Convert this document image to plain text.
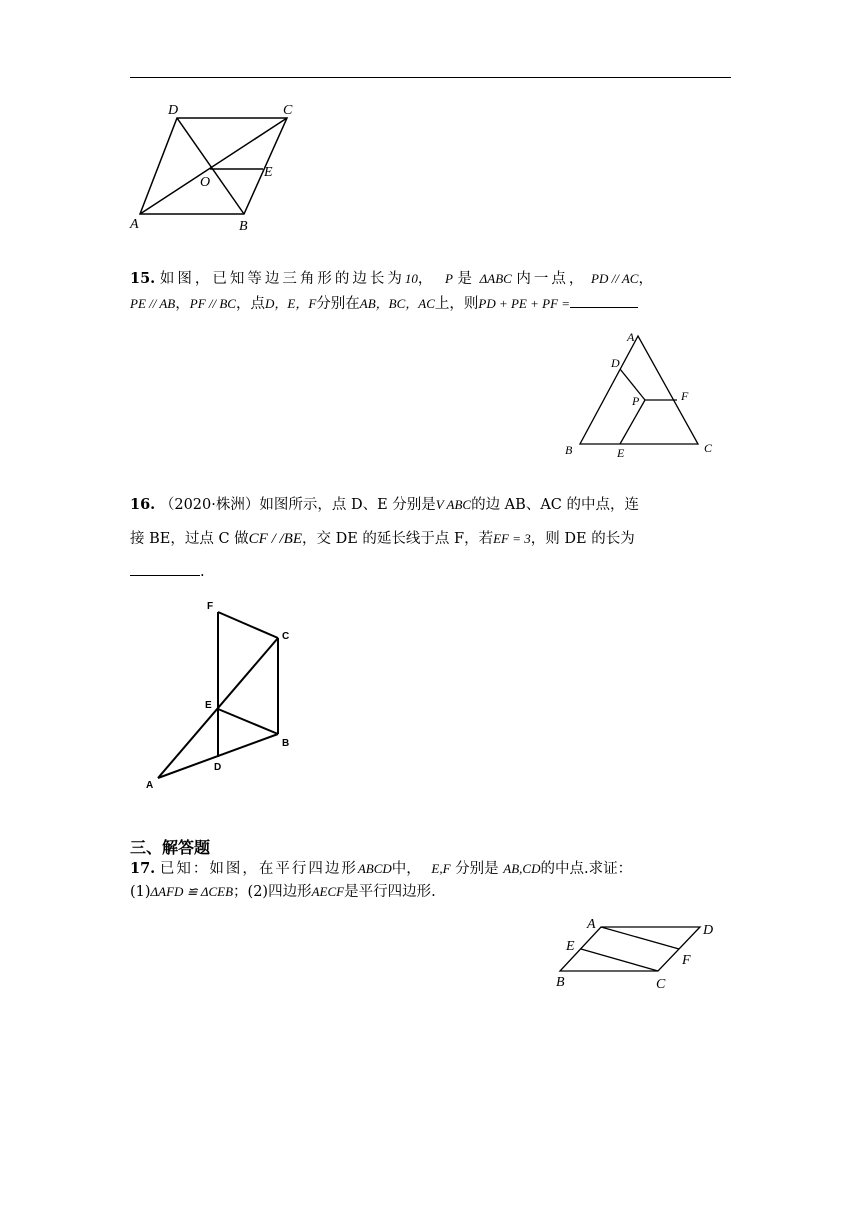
D	C
O
E
A	B
15. 如图，已知等边三角形的边长为10， P 是 ΔABC 内一点， PD // AC，
PE // AB，PF // BC，点D，E，F分别在AB，BC，AC上，则PD + PE + PF =
A
D
P	F
B	E	C
16. （2020·株洲）如图所示，点 D、E 分别是V ABC的边 AB、AC 的中点，连
接 BE，过点 C 做CF / /BE，交 DE 的延长线于点 F，若EF = 3，则 DE 的长为
.
F
C
E
B
D
A
三、解答题
17. 已知：如图，在平行四边形ABCD中， E,F 分别是 AB,CD的中点.求证：
(1)ΔAFD ≌ ΔCEB；(2)四边形AECF是平行四边形.
A	D
E
F
B	C
